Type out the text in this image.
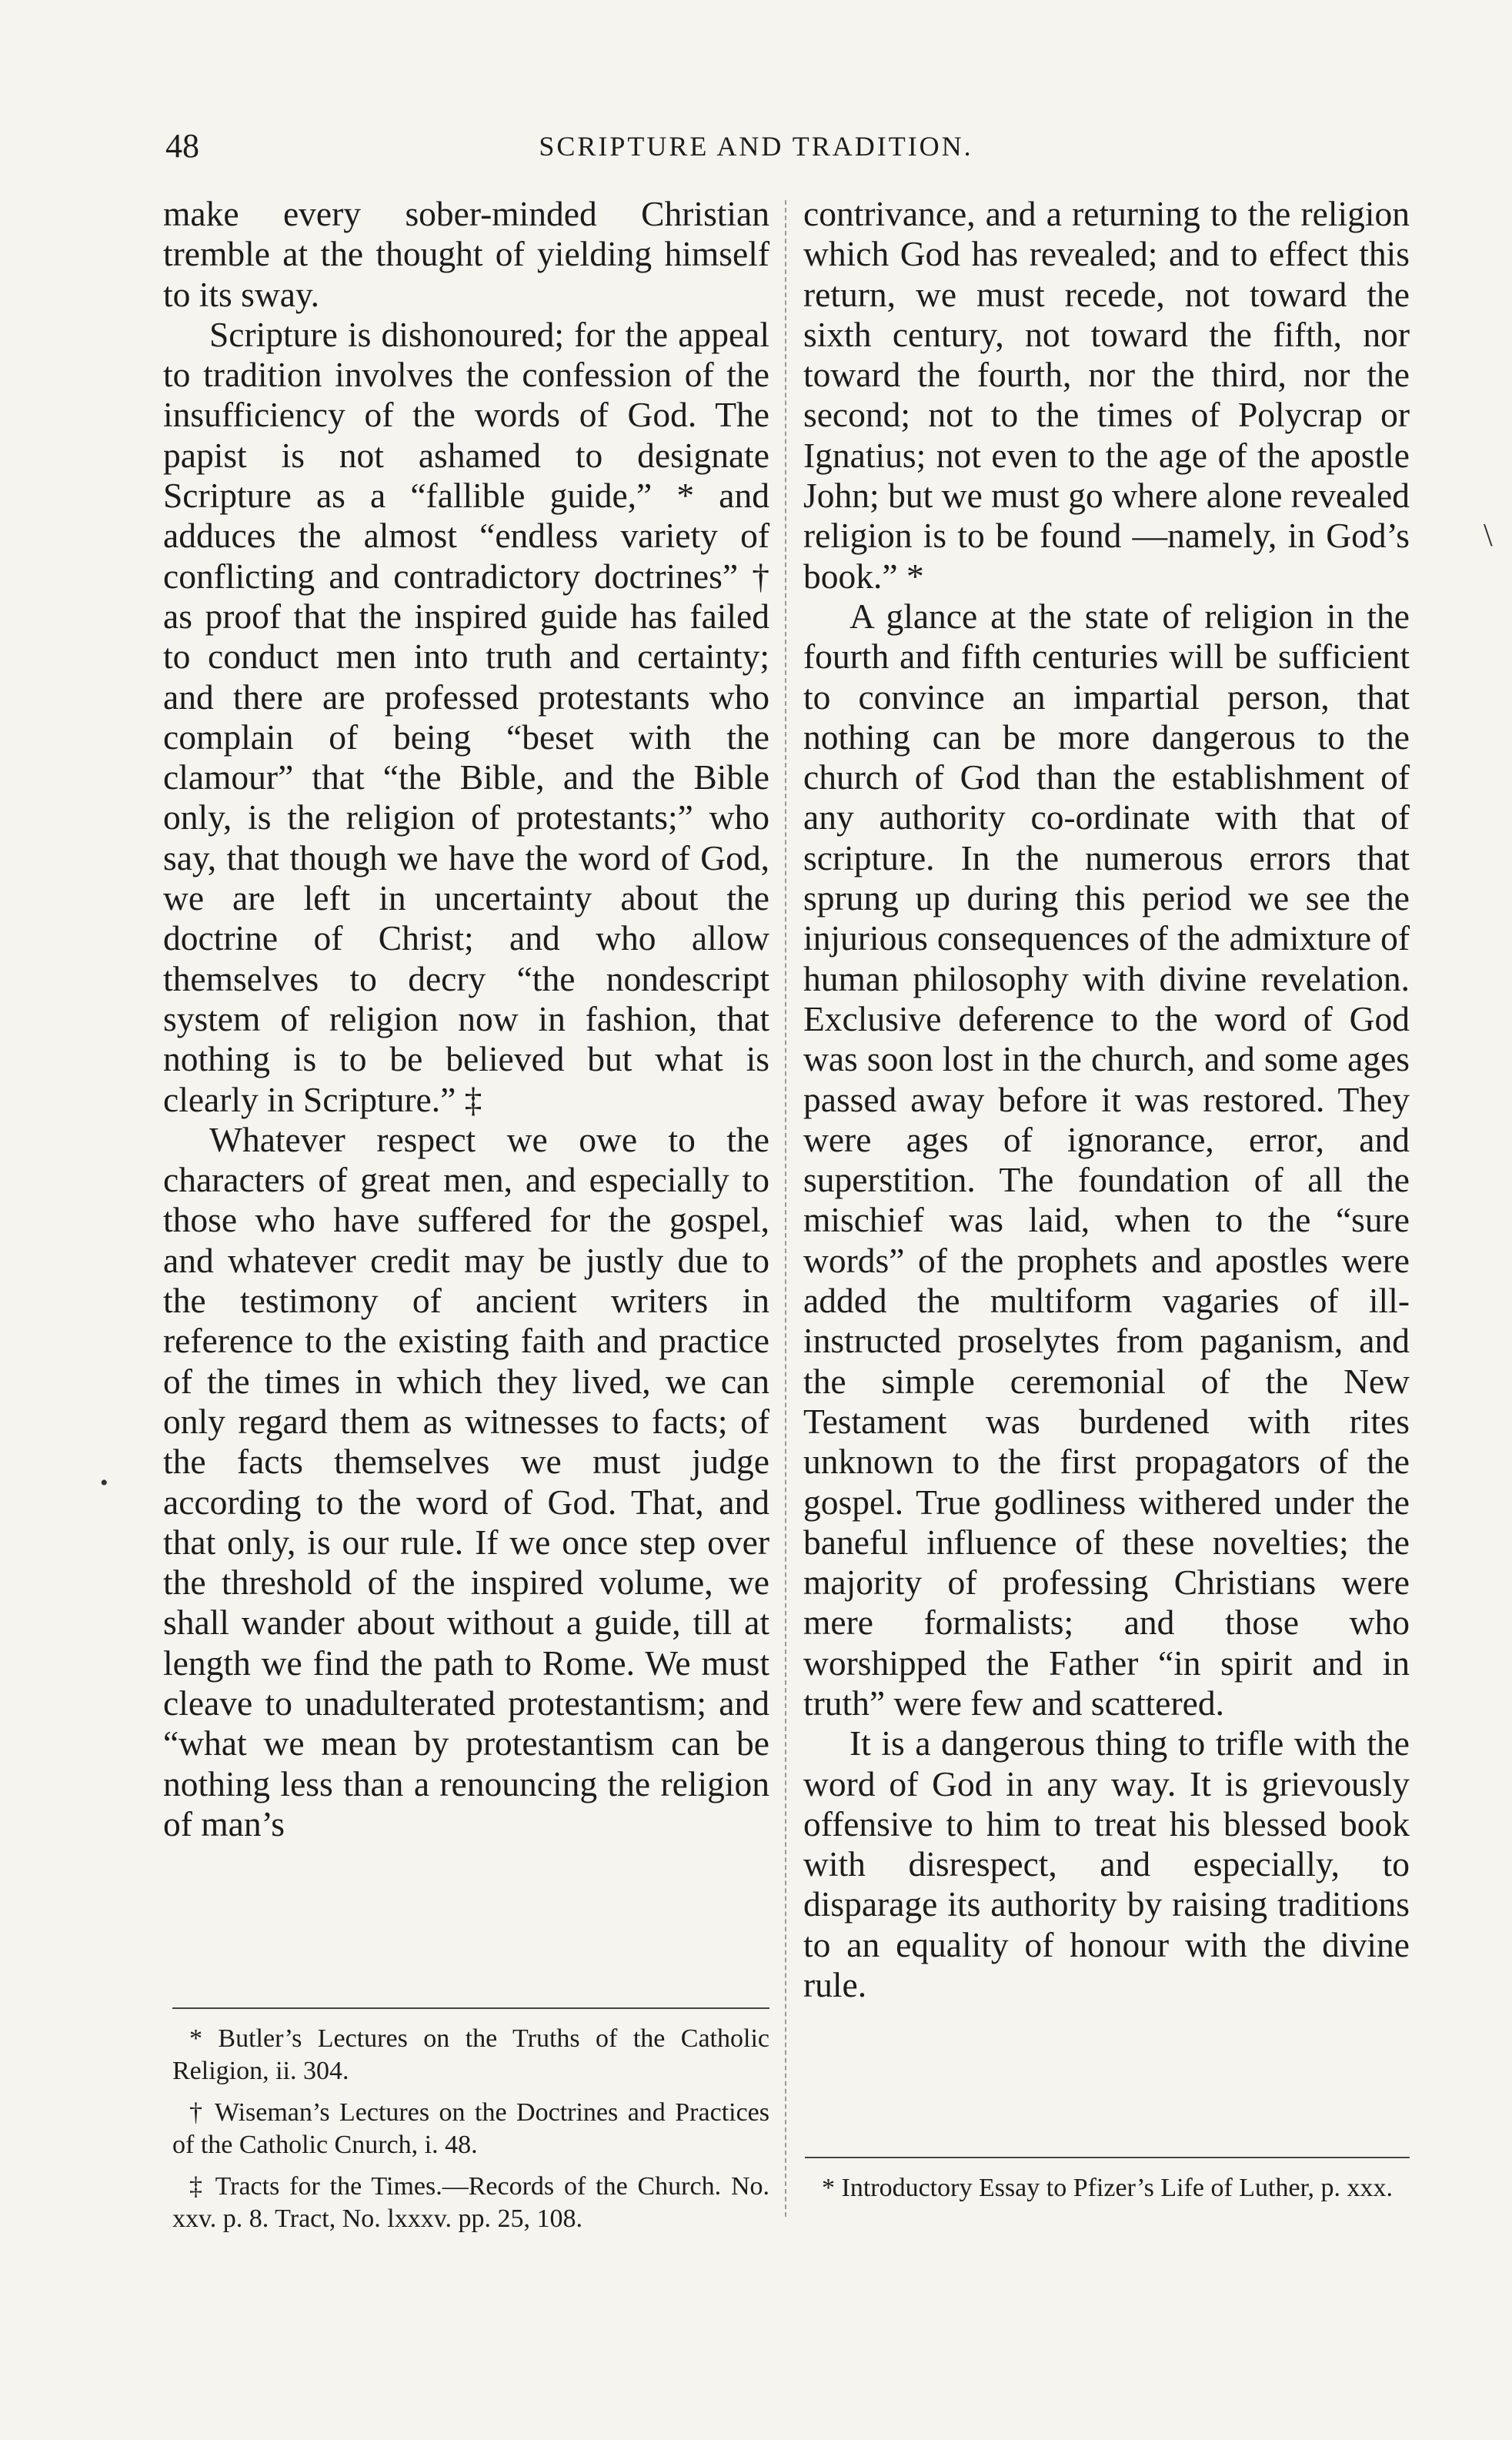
48	SCRIPTURE AND TRADITION.

make every sober-minded Christian tremble at the thought of yielding himself to its sway.

Scripture is dishonoured; for the appeal to tradition involves the confession of the insufficiency of the words of God. The papist is not ashamed to designate Scripture as a “fallible guide,” * and adduces the almost “endless variety of conflicting and contradictory doctrines” † as proof that the inspired guide has failed to conduct men into truth and certainty; and there are professed protestants who complain of being “beset with the clamour” that “the Bible, and the Bible only, is the religion of protestants;” who say, that though we have the word of God, we are left in uncertainty about the doctrine of Christ; and who allow themselves to decry “the nondescript system of religion now in fashion, that nothing is to be believed but what is clearly in Scripture.” ‡

Whatever respect we owe to the characters of great men, and especially to those who have suffered for the gospel, and whatever credit may be justly due to the testimony of ancient writers in reference to the existing faith and practice of the times in which they lived, we can only regard them as witnesses to facts; of the facts themselves we must judge according to the word of God. That, and that only, is our rule. If we once step over the threshold of the inspired volume, we shall wander about without a guide, till at length we find the path to Rome. We must cleave to unadulterated protestantism; and “what we mean by protestantism can be nothing less than a renouncing the religion of man’s

contrivance, and a returning to the religion which God has revealed; and to effect this return, we must recede, not toward the sixth century, not toward the fifth, nor toward the fourth, nor the third, nor the second; not to the times of Polycrap or Ignatius; not even to the age of the apostle John; but we must go where alone revealed religion is to be found —namely, in God’s book.” *

A glance at the state of religion in the fourth and fifth centuries will be sufficient to convince an impartial person, that nothing can be more dangerous to the church of God than the establishment of any authority co-ordinate with that of scripture. In the numerous errors that sprung up during this period we see the injurious consequences of the admixture of human philosophy with divine revelation. Exclusive deference to the word of God was soon lost in the church, and some ages passed away before it was restored. They were ages of ignorance, error, and superstition. The foundation of all the mischief was laid, when to the “sure words” of the prophets and apostles were added the multiform vagaries of ill-instructed proselytes from paganism, and the simple ceremonial of the New Testament was burdened with rites unknown to the first propagators of the gospel. True godliness withered under the baneful influence of these novelties; the majority of professing Christians were mere formalists; and those who worshipped the Father “in spirit and in truth” were few and scattered.

It is a dangerous thing to trifle with the word of God in any way. It is grievously offensive to him to treat his blessed book with disrespect, and especially, to disparage its authority by raising traditions to an equality of honour with the divine rule.

* Butler’s Lectures on the Truths of the Catholic Religion, ii. 304.

† Wiseman’s Lectures on the Doctrines and Practices of the Catholic Cnurch, i. 48.

‡ Tracts for the Times.—Records of the Church. No. xxv. p. 8. Tract, No. lxxxv. pp. 25, 108.

* Introductory Essay to Pfizer’s Life of Luther, p. xxx.

\
•
